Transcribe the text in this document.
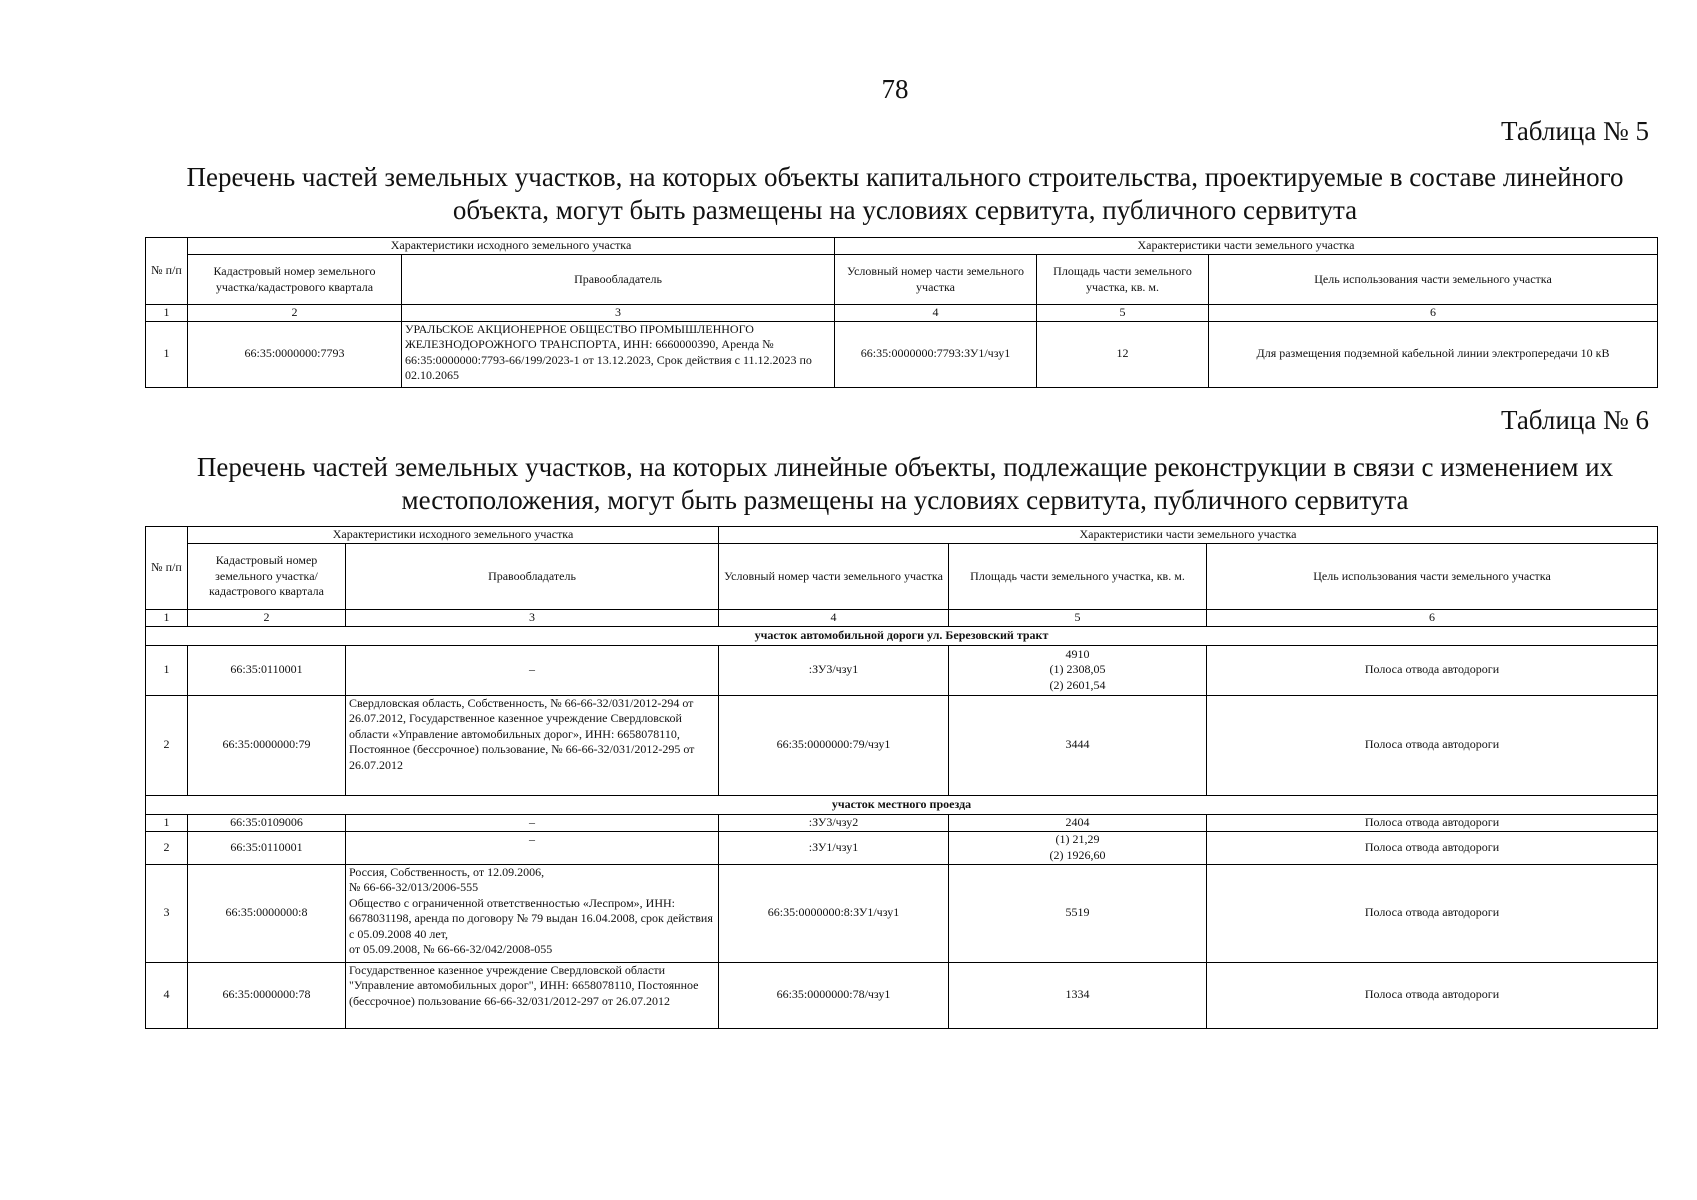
78
Таблица № 5
Перечень частей земельных участков, на которых объекты капитального строительства, проектируемые в составе линейного объекта, могут быть размещены на условиях сервитута, публичного сервитута
№ п/п	Характеристики исходного земельного участка		Характеристики части земельного участка		
	Кадастровый номер земельного участка/кадастрового квартала	Правообладатель	Условный номер части земельного участка	Площадь части земельного участка, кв. м.	Цель использования части земельного участка
1	2	3	4	5	6
1	66:35:0000000:7793	УРАЛЬСКОЕ АКЦИОНЕРНОЕ ОБЩЕСТВО ПРОМЫШЛЕННОГО ЖЕЛЕЗНОДОРОЖНОГО ТРАНСПОРТА, ИНН: 6660000390, Аренда № 66:35:0000000:7793-66/199/2023-1 от 13.12.2023, Срок действия с 11.12.2023 по 02.10.2065	66:35:0000000:7793:ЗУ1/чзу1	12	Для размещения подземной кабельной линии электропередачи 10 кВ
Таблица № 6
Перечень частей земельных участков, на которых линейные объекты, подлежащие реконструкции в связи с изменением их местоположения, могут быть размещены на условиях сервитута, публичного сервитута
№ п/п	Характеристики исходного земельного участка		Характеристики части земельного участка		
	Кадастровый номер земельного участка/кадастрового квартала	Правообладатель	Условный номер части земельного участка	Площадь части земельного участка, кв. м.	Цель использования части земельного участка
1	2	3	4	5	6
участок автомобильной дороги ул. Березовский тракт					
1	66:35:0110001	–	:ЗУ3/чзу1	4910
(1) 2308,05
(2) 2601,54	Полоса отвода автодороги
2	66:35:0000000:79	Свердловская область, Собственность, № 66-66-32/031/2012-294 от 26.07.2012, Государственное казенное учреждение Свердловской области «Управление автомобильных дорог», ИНН: 6658078110, Постоянное (бессрочное) пользование, № 66-66-32/031/2012-295 от 26.07.2012	66:35:0000000:79/чзу1	3444	Полоса отвода автодороги
участок местного проезда					
1	66:35:0109006	–	:ЗУ3/чзу2	2404	Полоса отвода автодороги
2	66:35:0110001	–	:ЗУ1/чзу1	(1) 21,29
(2) 1926,60	Полоса отвода автодороги
3	66:35:0000000:8	Россия, Собственность, от 12.09.2006,
№ 66-66-32/013/2006-555
Общество с ограниченной ответственностью «Леспром», ИНН: 6678031198, аренда по договору № 79 выдан 16.04.2008, срок действия с 05.09.2008 40 лет,
от 05.09.2008, № 66-66-32/042/2008-055	66:35:0000000:8:ЗУ1/чзу1	5519	Полоса отвода автодороги
4	66:35:0000000:78	Государственное казенное учреждение Свердловской области "Управление автомобильных дорог", ИНН: 6658078110, Постоянное (бессрочное) пользование 66-66-32/031/2012-297 от 26.07.2012	66:35:0000000:78/чзу1	1334	Полоса отвода автодороги
